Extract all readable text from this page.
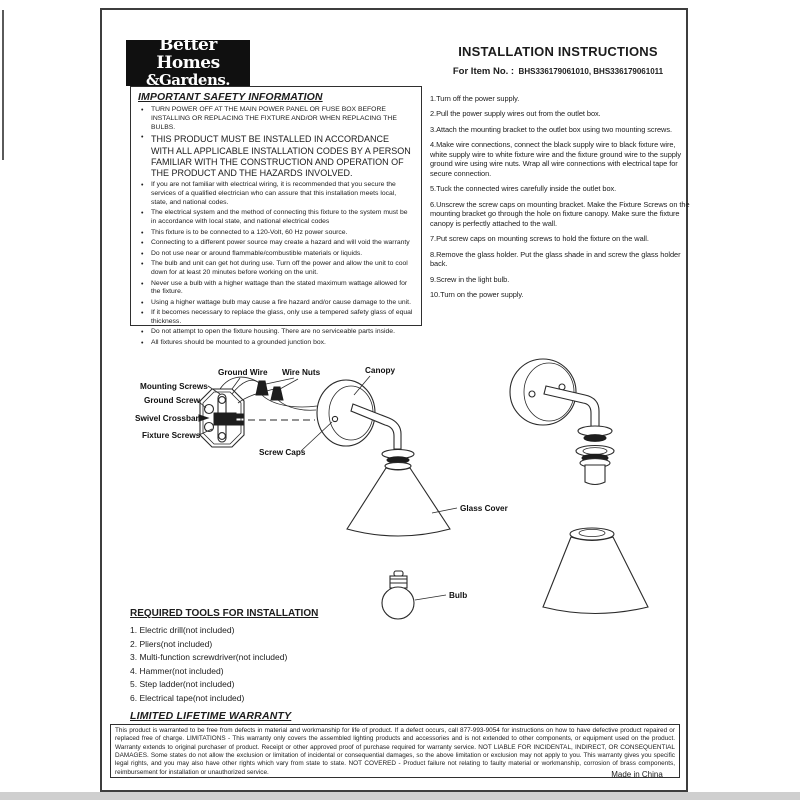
Better Homes
&Gardens.
INSTALLATION INSTRUCTIONS
For Item No. : BHS336179061010, BHS336179061011
IMPORTANT SAFETY INFORMATION
•	TURN POWER OFF AT THE MAIN POWER PANEL OR FUSE BOX BEFORE INSTALLING OR REPLACING THE FIXTURE AND/OR WHEN REPLACING THE BULBS.
• THIS PRODUCT MUST BE INSTALLED IN ACCORDANCE WITH ALL APPLICABLE INSTALLATION CODES BY A PERSON FAMILIAR WITH THE CONSTRUCTION AND OPERATION OF THE PRODUCT AND THE HAZARDS INVOLVED.
•	If you are not familiar with electrical wiring, it is recommended that you secure the services of a qualified electrician who can assure that this installation meets local, state, and national codes.
•	The electrical system and the method of connecting this fixture to the system must be in accordance with local state, and national electrical codes
•	This fixture is to be connected to a 120-Volt, 60 Hz power source.
•	Connecting to a different power source may create a hazard and will void the warranty
•	Do not use near or around flammable/combustible materials or liquids.
•	The bulb and unit can get hot during use. Turn off the power and allow the unit to cool down for at least 20 minutes before working on the unit.
•	Never use a bulb with a higher wattage than the stated maximum wattage allowed for the fixture.
•	Using a higher wattage bulb may cause a fire hazard and/or cause damage to the unit.
•	If it becomes necessary to replace the glass, only use a tempered safety glass of equal thickness.
•	Do not attempt to open the fixture housing. There are no serviceable parts inside.
•	All fixtures should be mounted to a grounded junction box.

1.Turn off the power supply.

2.Pull the power supply wires out from the outlet box.

3.Attach the mounting bracket to the outlet box using two mounting screws.

4.Make wire connections, connect the black supply wire to black fixture wire, white supply wire to white fixture wire and the fixture ground wire to the supply ground wire using wire nuts. Wrap all wire connections with electrical tape for secure connection.

5.Tuck the connected wires carefully inside the outlet box.

6.Unscrew the screw caps on mounting bracket. Make the Fixture Screws on the mounting bracket go through the hole on fixture canopy. Make sure the fixture canopy is perfectly attached to the wall.

7.Put screw caps on mounting screws to hold the fixture on the wall.

8.Remove the glass holder. Put the glass shade in and screw the glass holder back.

9.Screw in the light bulb.

10.Turn on the power supply.

Mounting Screws
Ground Screw
Swivel Crossbar
Fixture Screws
Ground Wire Wire Nuts	Canopy
Screw Caps
Glass Cover
Bulb
REQUIRED TOOLS FOR INSTALLATION
1. Electric drill(not included)
2. Pliers(not included)
3. Multi-function screwdriver(not included)
4. Hammer(not included)
5. Step ladder(not included)
6. Electrical tape(not included)
LIMITED LIFETIME WARRANTY

This product is warranted to be free from defects in material and workmanship for life of product. If a defect occurs, call 877-993-9054 for instructions on how to have defective product repaired or replaced free of charge. LIMITATIONS - This warranty only covers the assembled lighting products and accessories and is not extended to other components, or equipment used on the product. Warranty extends to original purchaser of product. Receipt or other approved proof of purchase required for warranty service. NOT LIABLE FOR INCIDENTAL, INDIRECT, OR CONSEQUENTIAL DAMAGES. Some states do not allow the exclusion or limitation of incidental or consequential damages, so the above limitation or exclusion may not apply to you. This warranty gives you specific legal rights, and you may also have other rights which vary from state to state. NOT COVERED - Product failure not relating to faulty material or workmanship, corrosion of brass components, reimbursement for installation or unauthorized service.	Made in China
